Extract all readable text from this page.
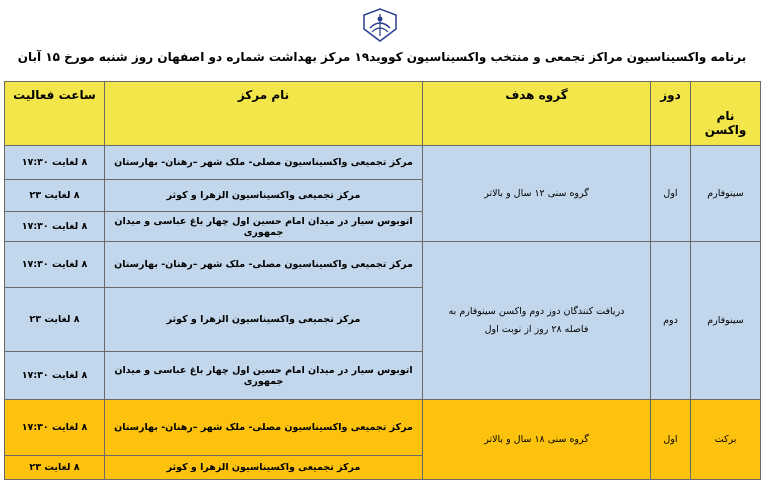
برنامه واکسیناسیون مراکز تجمعی و منتخب واکسیناسیون کووید۱۹ مرکز بهداشت شماره دو اصفهان روز شنبه مورخ ۱۵ آبان
ساعت فعالیت	نام مرکز	گروه هدف	دوز	نام واکسن
۸ لغایت ۱۷:۳۰	مرکز تجمیعی واکسیناسیون مصلی- ملک شهر –رهنان- بهارستان	گروه سنی ۱۲ سال و بالاتر	اول	سینوفارم
۸ لغایت ۲۳	مرکز تجمیعی واکسیناسیون الزهرا و کوثر			
۸ لغایت ۱۷:۳۰	اتوبوس سیار در میدان امام حسین اول چهار باغ عباسی و میدان جمهوری			
۸ لغایت ۱۷:۳۰	مرکز تجمیعی واکسیناسیون مصلی- ملک شهر –رهنان- بهارستان	دریافت کنندگان دوز دوم واکسن سینوفارم به فاصله ۲۸ روز از نوبت اول	دوم	سینوفارم
۸ لغایت ۲۳	مرکز تجمیعی واکسیناسیون الزهرا و کوثر			
۸ لغایت ۱۷:۳۰	اتوبوس سیار در میدان امام حسین اول چهار باغ عباسی و میدان جمهوری			
۸ لغایت ۱۷:۳۰	مرکز تجمیعی واکسیناسیون مصلی- ملک شهر –رهنان- بهارستان	گروه سنی ۱۸ سال و بالاتر	اول	برکت
۸ لغایت ۲۳	مرکز تجمیعی واکسیناسیون الزهرا و کوثر			
